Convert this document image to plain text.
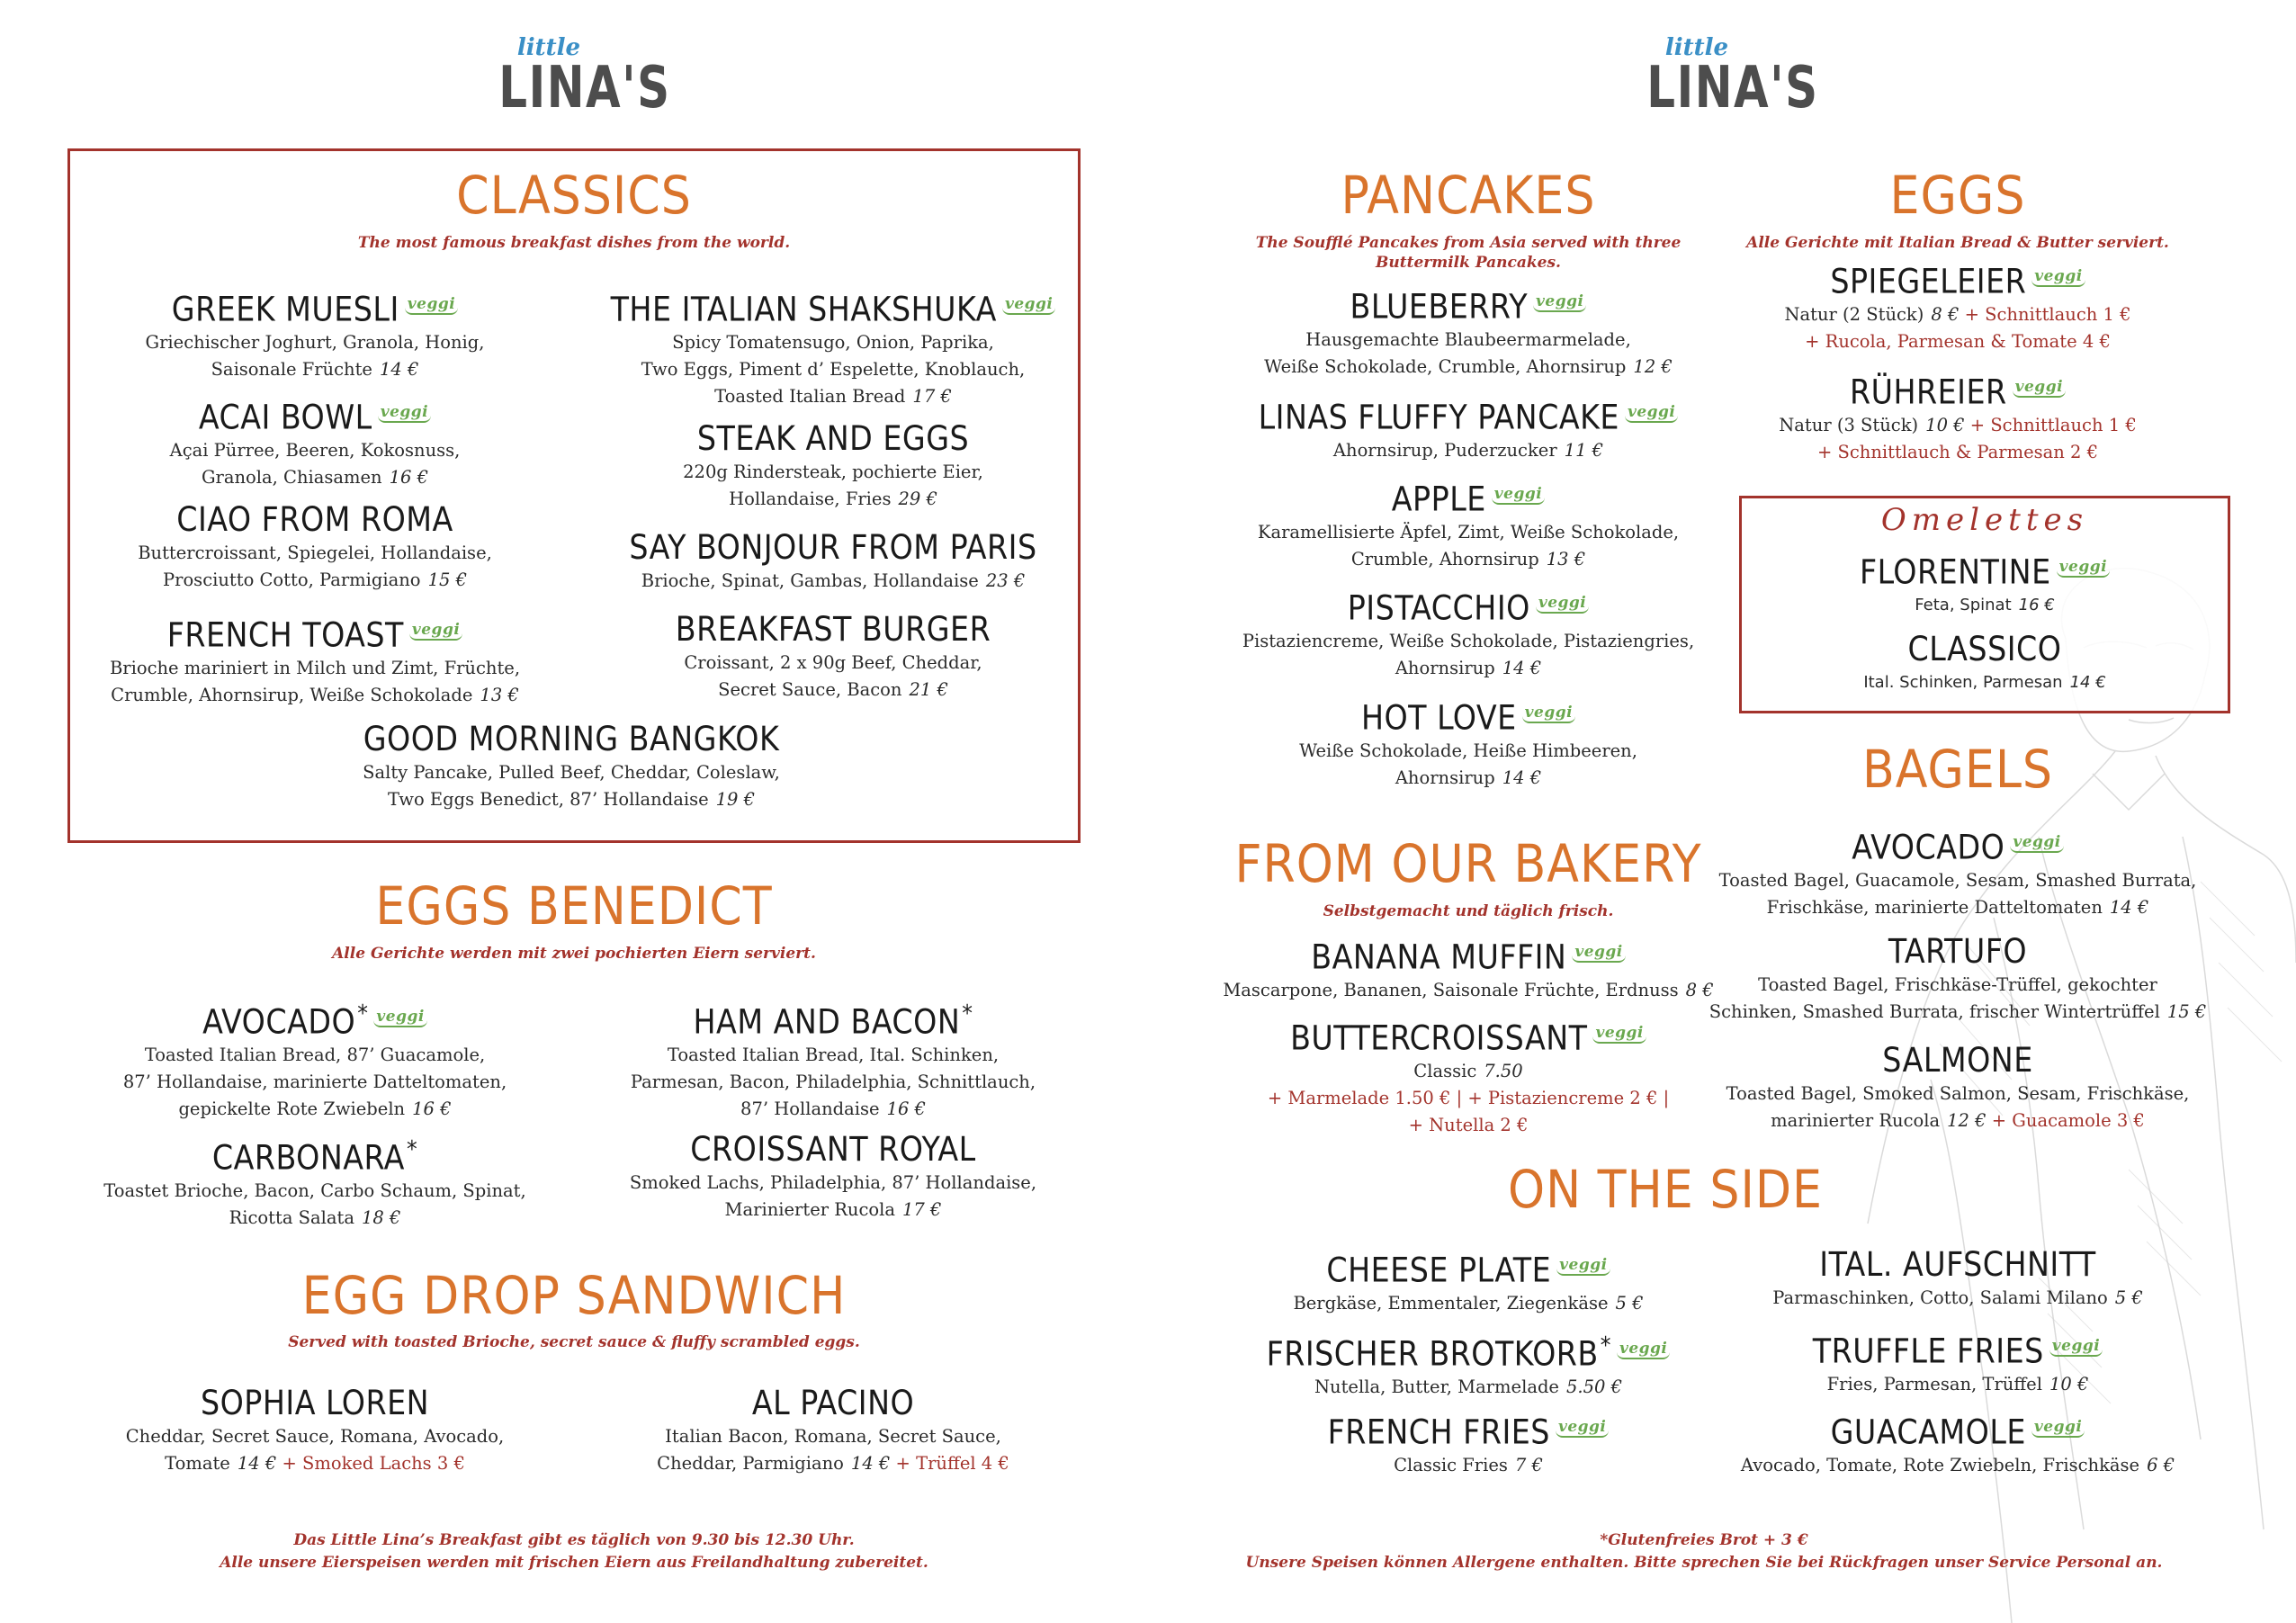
little
LINA'S
CLASSICS
The most famous breakfast dishes from the world.
GREEK MUESLI $^{veggi}$
Griechischer Joghurt, Granola, Honig,
Saisonale Früchte 14 €
ACAI BOWL $^{veggi}$
Açai Pürree, Beeren, Kokosnuss,
Granola, Chiasamen 16 €
CIAO FROM ROMA
Buttercroissant, Spiegelei, Hollandaise,
Prosciutto Cotto, Parmigiano 15 €
FRENCH TOAST $^{veggi}$
Brioche mariniert in Milch und Zimt, Früchte,
Crumble, Ahornsirup, Weiße Schokolade 13 €
THE ITALIAN SHAKSHUKA $^{veggi}$
Spicy Tomatensugo, Onion, Paprika,
Two Eggs, Piment d’ Espelette, Knoblauch,
Toasted Italian Bread 17 €
STEAK AND EGGS
220g Rindersteak, pochierte Eier,
Hollandaise, Fries 29 €
SAY BONJOUR FROM PARIS
Brioche, Spinat, Gambas, Hollandaise 23 €
BREAKFAST BURGER
Croissant, 2 x 90g Beef, Cheddar,
Secret Sauce, Bacon 21 €
GOOD MORNING BANGKOK
Salty Pancake, Pulled Beef, Cheddar, Coleslaw,
Two Eggs Benedict, 87’ Hollandaise 19 €
EGGS BENEDICT
Alle Gerichte werden mit zwei pochierten Eiern serviert.
AVOCADO* $^{veggi}$
Toasted Italian Bread, 87’ Guacamole,
87’ Hollandaise, marinierte Datteltomaten,
gepickelte Rote Zwiebeln 16 €
CARBONARA*
Toastet Brioche, Bacon, Carbo Schaum, Spinat,
Ricotta Salata 18 €
HAM AND BACON*
Toasted Italian Bread, Ital. Schinken,
Parmesan, Bacon, Philadelphia, Schnittlauch,
87’ Hollandaise 16 €
CROISSANT ROYAL
Smoked Lachs, Philadelphia, 87’ Hollandaise,
Marinierter Rucola 17 €
EGG DROP SANDWICH
Served with toasted Brioche, secret sauce & fluffy scrambled eggs.
SOPHIA LOREN
Cheddar, Secret Sauce, Romana, Avocado,
Tomate 14 € + Smoked Lachs 3 €
AL PACINO
Italian Bacon, Romana, Secret Sauce,
Cheddar, Parmigiano 14 € + Trüffel 4 €
Das Little Lina’s Breakfast gibt es täglich von 9.30 bis 12.30 Uhr.
Alle unsere Eierspeisen werden mit frischen Eiern aus Freilandhaltung zubereitet.
little
LINA'S
PANCAKES
The Soufflé Pancakes from Asia served with three
Buttermilk Pancakes.
BLUEBERRY $^{veggi}$
Hausgemachte Blaubeermarmelade,
Weiße Schokolade, Crumble, Ahornsirup 12 €
LINAS FLUFFY PANCAKE $^{veggi}$
Ahornsirup, Puderzucker 11 €
APPLE $^{veggi}$
Karamellisierte Äpfel, Zimt, Weiße Schokolade,
Crumble, Ahornsirup 13 €
PISTACCHIO $^{veggi}$
Pistaziencreme, Weiße Schokolade, Pistaziengries,
Ahornsirup 14 €
HOT LOVE $^{veggi}$
Weiße Schokolade, Heiße Himbeeren,
Ahornsirup 14 €
FROM OUR BAKERY
Selbstgemacht und täglich frisch.
BANANA MUFFIN $^{veggi}$
Mascarpone, Bananen, Saisonale Früchte, Erdnuss 8 €
BUTTERCROISSANT $^{veggi}$
Classic 7.50
+ Marmelade 1.50 € | + Pistaziencreme 2 € |
+ Nutella 2 €
EGGS
Alle Gerichte mit Italian Bread & Butter serviert.
SPIEGELEIER $^{veggi}$
Natur (2 Stück) 8 € + Schnittlauch 1 €
+ Rucola, Parmesan & Tomate 4 €
RÜHREIER $^{veggi}$
Natur (3 Stück) 10 € + Schnittlauch 1 €
+ Schnittlauch & Parmesan 2 €
Omelettes
FLORENTINE $^{veggi}$
Feta, Spinat 16 €
CLASSICO
Ital. Schinken, Parmesan 14 €
BAGELS
AVOCADO $^{veggi}$
Toasted Bagel, Guacamole, Sesam, Smashed Burrata,
Frischkäse, marinierte Datteltomaten 14 €
TARTUFO
Toasted Bagel, Frischkäse-Trüffel, gekochter
Schinken, Smashed Burrata, frischer Wintertrüffel 15 €
SALMONE
Toasted Bagel, Smoked Salmon, Sesam, Frischkäse,
marinierter Rucola 12 € + Guacamole 3 €
ON THE SIDE
CHEESE PLATE $^{veggi}$
Bergkäse, Emmentaler, Ziegenkäse 5 €
FRISCHER BROTKORB* $^{veggi}$
Nutella, Butter, Marmelade 5.50 €
FRENCH FRIES $^{veggi}$
Classic Fries 7 €
ITAL. AUFSCHNITT
Parmaschinken, Cotto, Salami Milano 5 €
TRUFFLE FRIES $^{veggi}$
Fries, Parmesan, Trüffel 10 €
GUACAMOLE $^{veggi}$
Avocado, Tomate, Rote Zwiebeln, Frischkäse 6 €
*Glutenfreies Brot + 3 €
Unsere Speisen können Allergene enthalten. Bitte sprechen Sie bei Rückfragen unser Service Personal an.
